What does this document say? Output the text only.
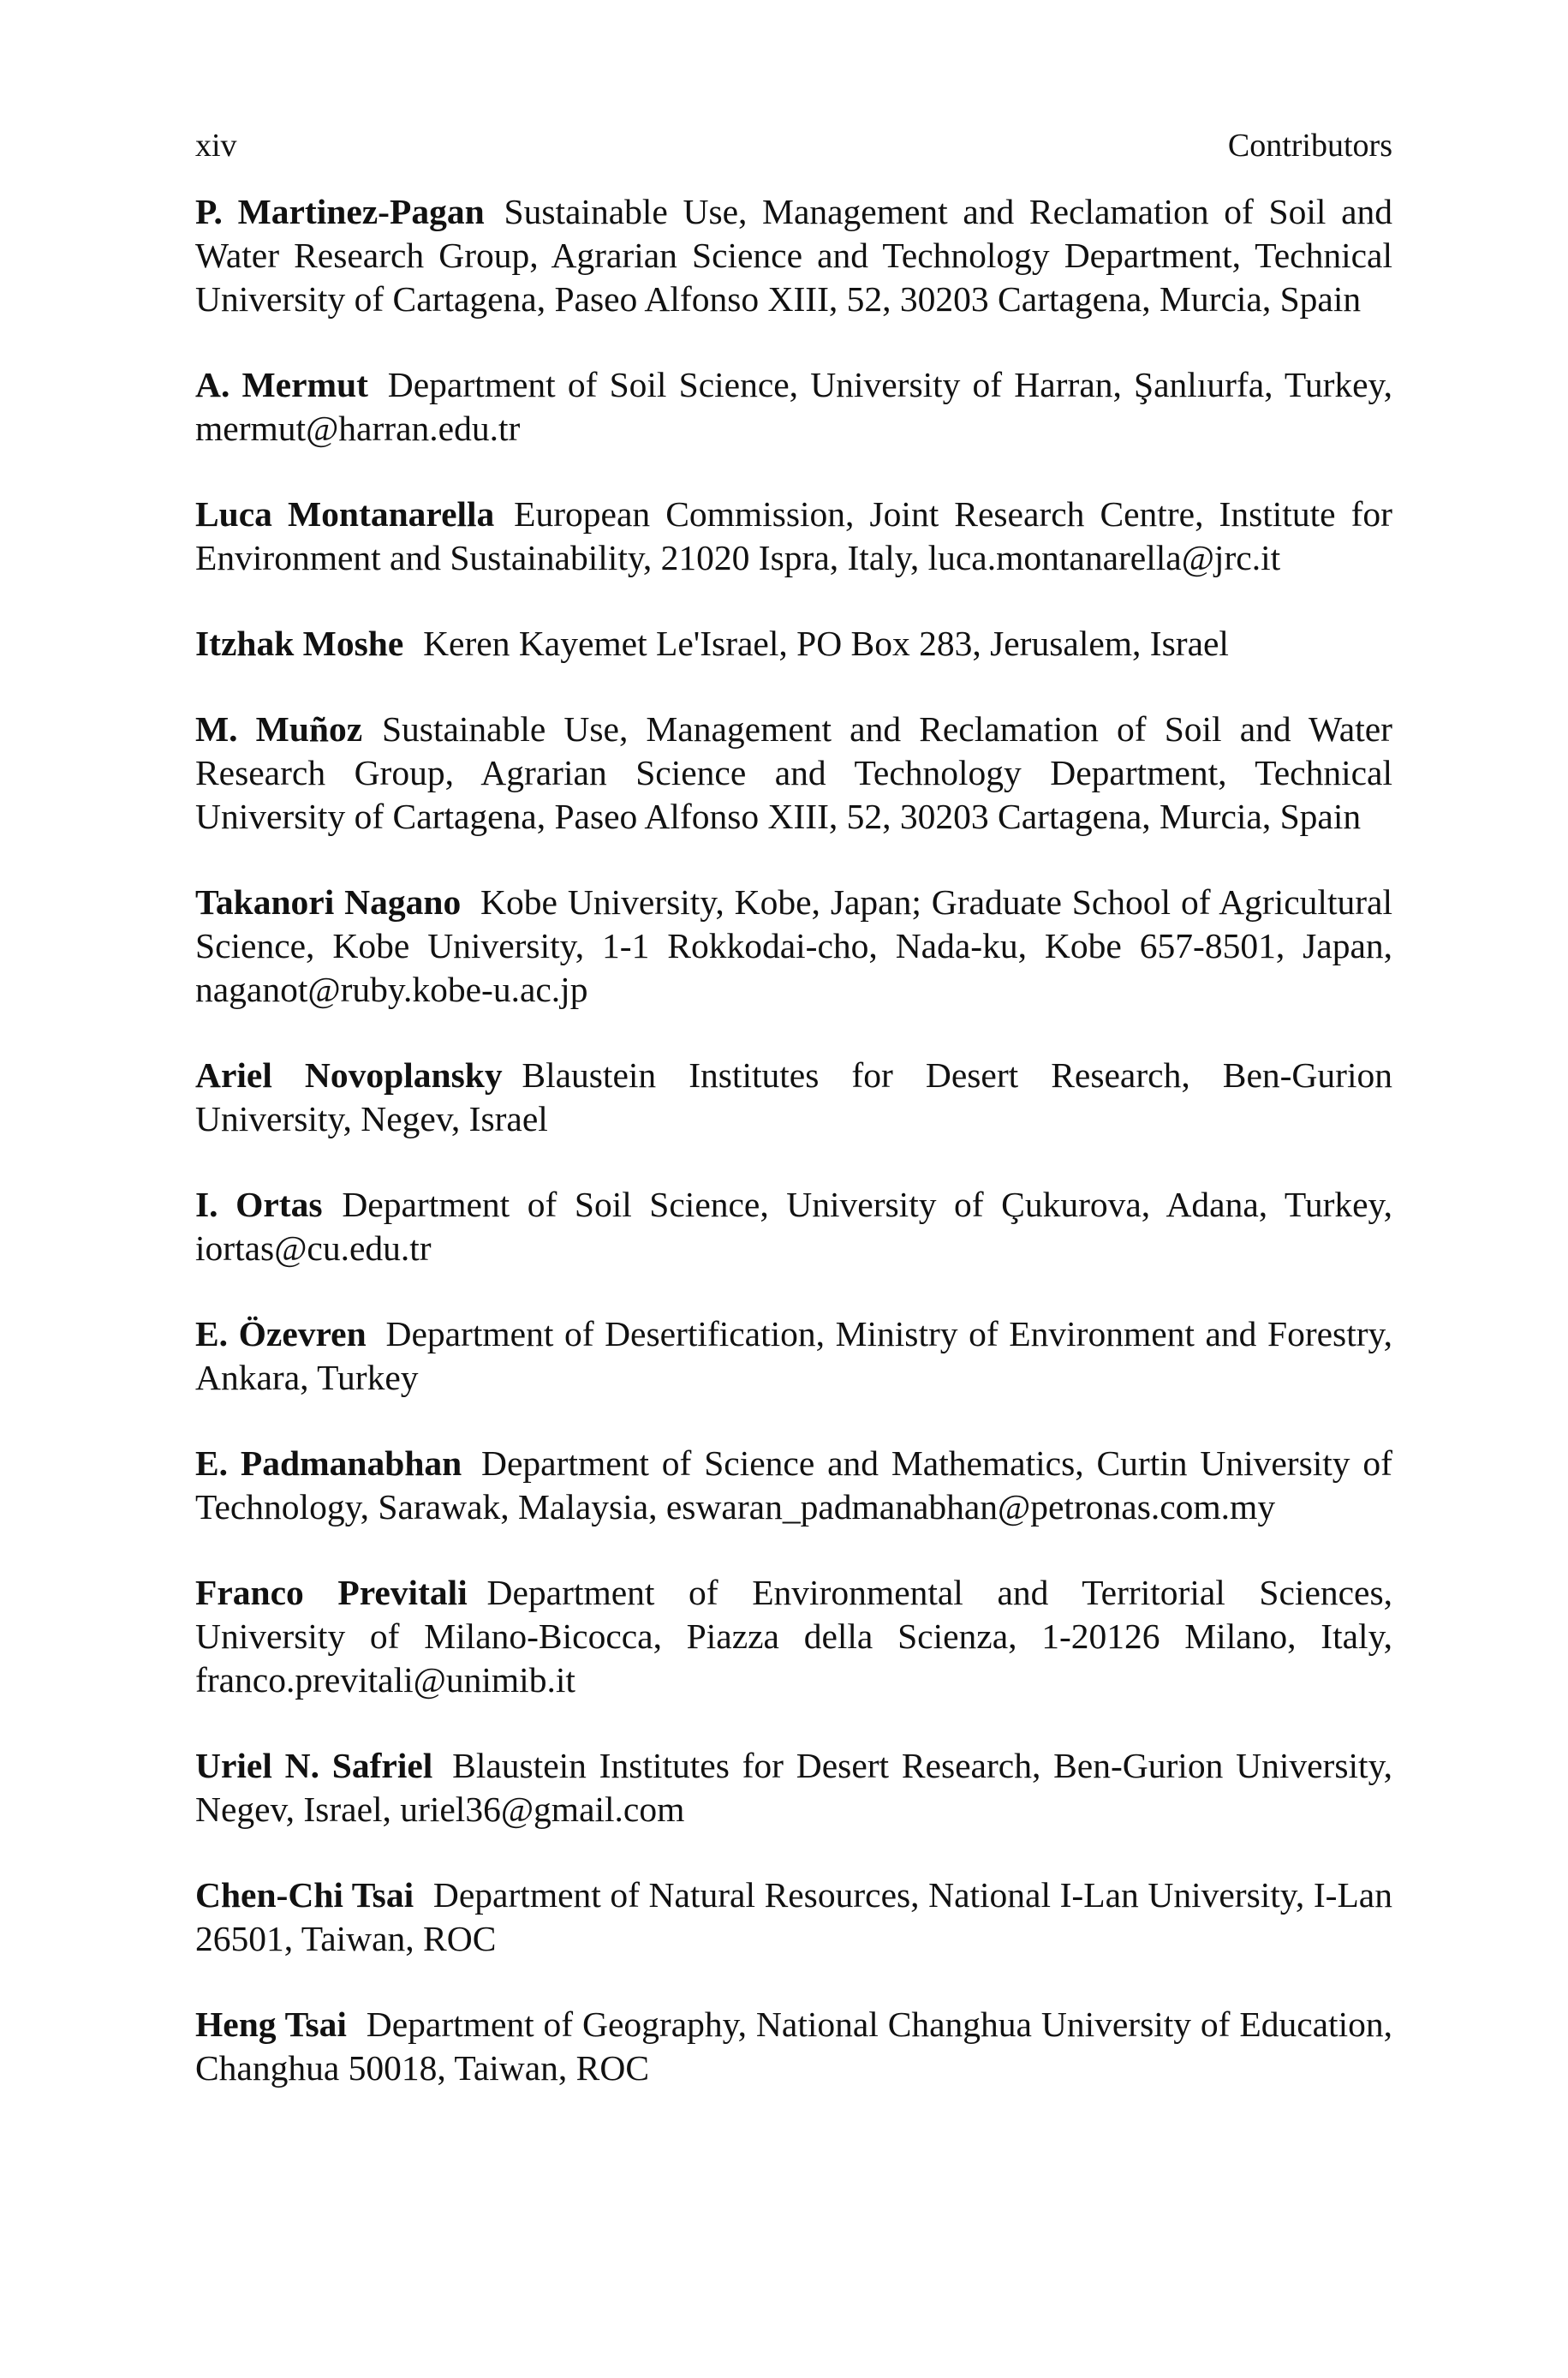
xiv	Contributors

P. Martinez-Pagan Sustainable Use, Management and Reclamation of Soil and Water Research Group, Agrarian Science and Technology Department, Technical University of Cartagena, Paseo Alfonso XIII, 52, 30203 Cartagena, Murcia, Spain

A. Mermut Department of Soil Science, University of Harran, Şanlıurfa, Turkey, mermut@harran.edu.tr

Luca Montanarella European Commission, Joint Research Centre, Institute for Environment and Sustainability, 21020 Ispra, Italy, luca.montanarella@jrc.it

Itzhak Moshe Keren Kayemet Le'Israel, PO Box 283, Jerusalem, Israel

M. Muñoz Sustainable Use, Management and Reclamation of Soil and Water Research Group, Agrarian Science and Technology Department, Technical University of Cartagena, Paseo Alfonso XIII, 52, 30203 Cartagena, Murcia, Spain

Takanori Nagano Kobe University, Kobe, Japan; Graduate School of Agricultural Science, Kobe University, 1-1 Rokkodai-cho, Nada-ku, Kobe 657-8501, Japan, naganot@ruby.kobe-u.ac.jp

Ariel Novoplansky Blaustein Institutes for Desert Research, Ben-Gurion University, Negev, Israel

I. Ortas Department of Soil Science, University of Çukurova, Adana, Turkey, iortas@cu.edu.tr

E. Özevren Department of Desertification, Ministry of Environment and Forestry, Ankara, Turkey

E. Padmanabhan Department of Science and Mathematics, Curtin University of Technology, Sarawak, Malaysia, eswaran_padmanabhan@petronas.com.my

Franco Previtali Department of Environmental and Territorial Sciences, University of Milano-Bicocca, Piazza della Scienza, 1-20126 Milano, Italy, franco.previtali@unimib.it

Uriel N. Safriel Blaustein Institutes for Desert Research, Ben-Gurion University, Negev, Israel, uriel36@gmail.com

Chen-Chi Tsai Department of Natural Resources, National I-Lan University, I-Lan 26501, Taiwan, ROC

Heng Tsai Department of Geography, National Changhua University of Education, Changhua 50018, Taiwan, ROC
